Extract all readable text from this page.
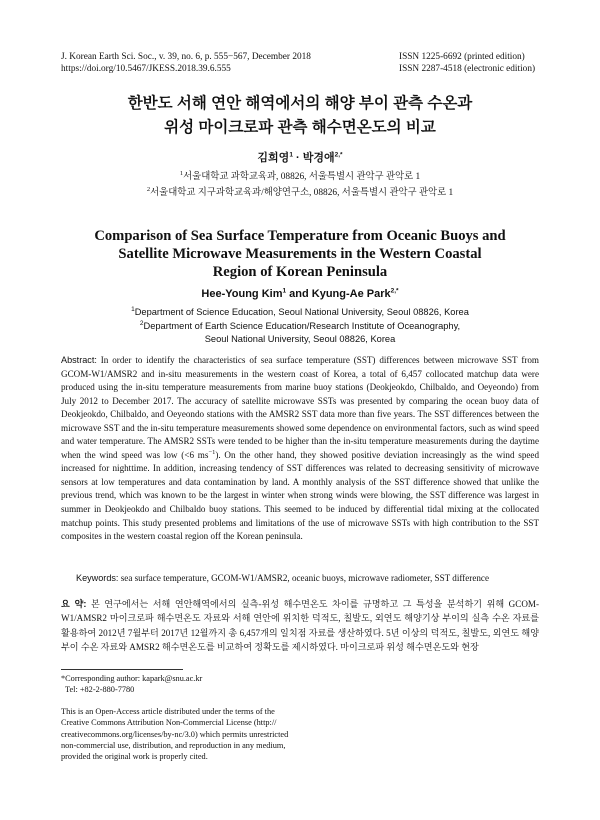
J. Korean Earth Sci. Soc., v. 39, no. 6, p. 555−567, December 2018
https://doi.org/10.5467/JKESS.2018.39.6.555
ISSN 1225-6692 (printed edition)
ISSN 2287-4518 (electronic edition)
한반도 서해 연안 해역에서의 해양 부이 관측 수온과
위성 마이크로파 관측 해수면온도의 비교
김희영$^1$ · 박경애$^{2,*}$
$^1$서울대학교 과학교육과, 08826, 서울특별시 관악구 관악로 1
$^2$서울대학교 지구과학교육과/해양연구소, 08826, 서울특별시 관악구 관악로 1
Comparison of Sea Surface Temperature from Oceanic Buoys and
Satellite Microwave Measurements in the Western Coastal
Region of Korean Peninsula
Hee-Young Kim$^1$ and Kyung-Ae Park$^{2,*}$
$^1$Department of Science Education, Seoul National University, Seoul 08826, Korea
$^2$Department of Earth Science Education/Research Institute of Oceanography,
Seoul National University, Seoul 08826, Korea
Abstract: In order to identify the characteristics of sea surface temperature (SST) differences between microwave SST from GCOM-W1/AMSR2 and in-situ measurements in the western coast of Korea, a total of 6,457 collocated matchup data were produced using the in-situ temperature measurements from marine buoy stations (Deokjeokdo, Chilbaldo, and Oeyeondo) from July 2012 to December 2017. The accuracy of satellite microwave SSTs was presented by comparing the ocean buoy data of Deokjeokdo, Chilbaldo, and Oeyeondo stations with the AMSR2 SST data more than five years. The SST differences between the microwave SST and the in-situ temperature measurements showed some dependence on environmental factors, such as wind speed and water temperature. The AMSR2 SSTs were tended to be higher than the in-situ temperature measurements during the daytime when the wind speed was low (<6 $ms^{-1}$). On the other hand, they showed positive deviation increasingly as the wind speed increased for nighttime. In addition, increasing tendency of SST differences was related to decreasing sensitivity of microwave sensors at low temperatures and data contamination by land. A monthly analysis of the SST difference showed that unlike the previous trend, which was known to be the largest in winter when strong winds were blowing, the SST difference was largest in summer in Deokjeokdo and Chilbaldo buoy stations. This seemed to be induced by differential tidal mixing at the collocated matchup points. This study presented problems and limitations of the use of microwave SSTs with high contribution to the SST composites in the western coastal region off the Korean peninsula.
Keywords: sea surface temperature, GCOM-W1/AMSR2, oceanic buoys, microwave radiometer, SST difference
요 약: 본 연구에서는 서해 연안해역에서의 실측-위성 해수면온도 차이를 규명하고 그 특성을 분석하기 위해 GCOM-W1/AMSR2 마이크로파 해수면온도 자료와 서해 연안에 위치한 덕적도, 칠발도, 외연도 해양기상 부이의 실측 수온 자료를 활용하여 2012년 7월부터 2017년 12월까지 총 6,457개의 일치점 자료를 생산하였다. 5년 이상의 덕적도, 칠발도, 외연도 해양 부이 수온 자료와 AMSR2 해수면온도를 비교하여 정확도를 제시하였다. 마이크로파 위성 해수면온도와 현장
*Corresponding author: kapark@snu.ac.kr
Tel: +82-2-880-7780
This is an Open-Access article distributed under the terms of the
Creative Commons Attribution Non-Commercial License (http://
creativecommons.org/licenses/by-nc/3.0) which permits unrestricted
non-commercial use, distribution, and reproduction in any medium,
provided the original work is properly cited.
